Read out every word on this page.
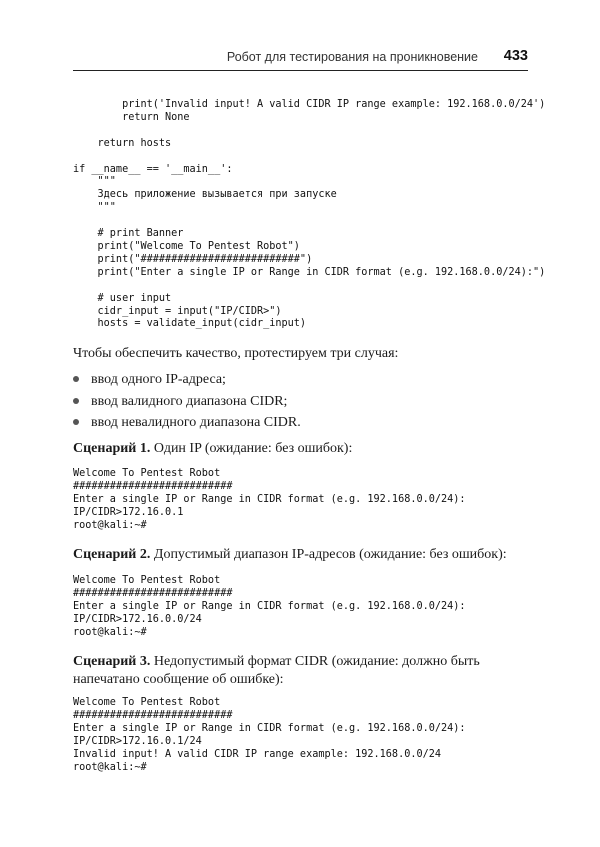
Робот для тестирования на проникновение 433
print('Invalid input! A valid CIDR IP range example: 192.168.0.0/24')
return None

return hosts

if __name__ == '__main__':
"""
Здесь приложение вызывается при запуске
"""

# print Banner
print("Welcome To Pentest Robot")
print("##########################")
print("Enter a single IP or Range in CIDR format (e.g. 192.168.0.0/24):")

# user input
cidr_input = input("IP/CIDR>")
hosts = validate_input(cidr_input)
Чтобы обеспечить качество, протестируем три случая:
ввод одного IP-адреса;
ввод валидного диапазона CIDR;
ввод невалидного диапазона CIDR.
Сценарий 1. Один IP (ожидание: без ошибок):
Welcome To Pentest Robot
##########################
Enter a single IP or Range in CIDR format (e.g. 192.168.0.0/24):
IP/CIDR>172.16.0.1
root@kali:~#
Сценарий 2. Допустимый диапазон IP-адресов (ожидание: без ошибок):
Welcome To Pentest Robot
##########################
Enter a single IP or Range in CIDR format (e.g. 192.168.0.0/24):
IP/CIDR>172.16.0.0/24
root@kali:~#
Сценарий 3. Недопустимый формат CIDR (ожидание: должно быть напечатано сообщение об ошибке):
Welcome To Pentest Robot
##########################
Enter a single IP or Range in CIDR format (e.g. 192.168.0.0/24):
IP/CIDR>172.16.0.1/24
Invalid input! A valid CIDR IP range example: 192.168.0.0/24
root@kali:~#
